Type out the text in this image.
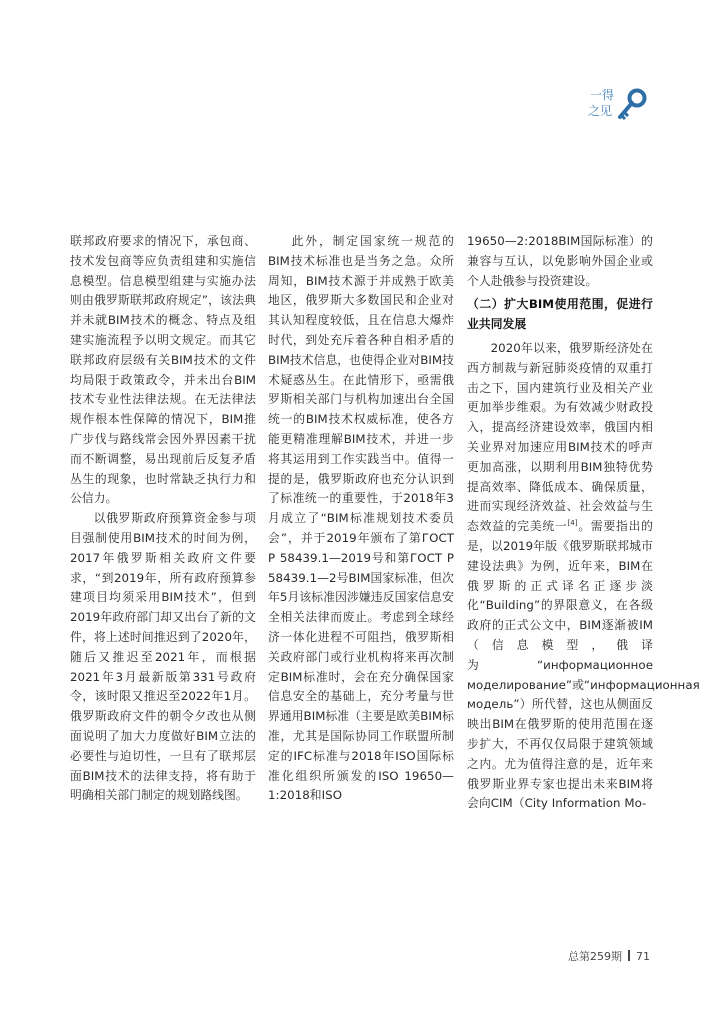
一得
之见

联邦政府要求的情况下，承包商、技术发包商等应负责组建和实施信息模型。信息模型组建与实施办法则由俄罗斯联邦政府规定”，该法典并未就BIM技术的概念、特点及组建实施流程予以明文规定。而其它联邦政府层级有关BIM技术的文件均局限于政策政令，并未出台BIM技术专业性法律法规。在无法律法规作根本性保障的情况下，BIM推广步伐与路线常会因外界因素干扰而不断调整，易出现前后反复矛盾丛生的现象，也时常缺乏执行力和公信力。

以俄罗斯政府预算资金参与项目强制使用BIM技术的时间为例，2017年俄罗斯相关政府文件要求，“到2019年，所有政府预算参建项目均须采用BIM技术”，但到2019年政府部门却又出台了新的文件，将上述时间推迟到了2020年，随后又推迟至2021年，而根据2021年3月最新版第331号政府令，该时限又推迟至2022年1月。俄罗斯政府文件的朝令夕改也从侧面说明了加大力度做好BIM立法的必要性与迫切性，一旦有了联邦层面BIM技术的法律支持，将有助于明确相关部门制定的规划路线图。

此外，制定国家统一规范的BIM技术标准也是当务之急。众所周知，BIM技术源于并成熟于欧美地区，俄罗斯大多数国民和企业对其认知程度较低，且在信息大爆炸时代，到处充斥着各种自相矛盾的BIM技术信息，也使得企业对BIM技术疑惑丛生。在此情形下，亟需俄罗斯相关部门与机构加速出台全国统一的BIM技术权威标准，使各方能更精准理解BIM技术，并进一步将其运用到工作实践当中。值得一提的是，俄罗斯政府也充分认识到了标准统一的重要性，于2018年3月成立了“BIM标准规划技术委员会”，并于2019年颁布了第ГОСТ Р 58439.1—2019号和第ГОСТ Р 58439.1—2号BIM国家标准，但次年5月该标准因涉嫌违反国家信息安全相关法律而废止。考虑到全球经济一体化进程不可阻挡，俄罗斯相关政府部门或行业机构将来再次制定BIM标准时，会在充分确保国家信息安全的基础上，充分考量与世界通用BIM标准（主要是欧美BIM标准，尤其是国际协同工作联盟所制定的IFC标准与2018年ISO国际标准化组织所颁发的ISO 19650—1:2018和ISO

19650—2:2018BIM国际标准）的兼容与互认，以免影响外国企业或个人赴俄参与投资建设。

（二）扩大BIM使用范围，促进行业共同发展

2020年以来，俄罗斯经济处在西方制裁与新冠肺炎疫情的双重打击之下，国内建筑行业及相关产业更加举步维艰。为有效减少财政投入，提高经济建设效率，俄国内相关业界对加速应用BIM技术的呼声更加高涨，以期利用BIM独特优势提高效率、降低成本、确保质量，进而实现经济效益、社会效益与生态效益的完美统一[4]。需要指出的是，以2019年版《俄罗斯联邦城市建设法典》为例，近年来，BIM在俄罗斯的正式译名正逐步淡化“Building”的界限意义，在各级政府的正式公文中，BIM逐渐被IM（信息模型，俄译为“информационное моделирование”或“информационная модель”）所代替，这也从侧面反映出BIM在俄罗斯的使用范围在逐步扩大，不再仅仅局限于建筑领域之内。尤为值得注意的是，近年来俄罗斯业界专家也提出未来BIM将会向CIM（City Information Mo-

总第259期 71
